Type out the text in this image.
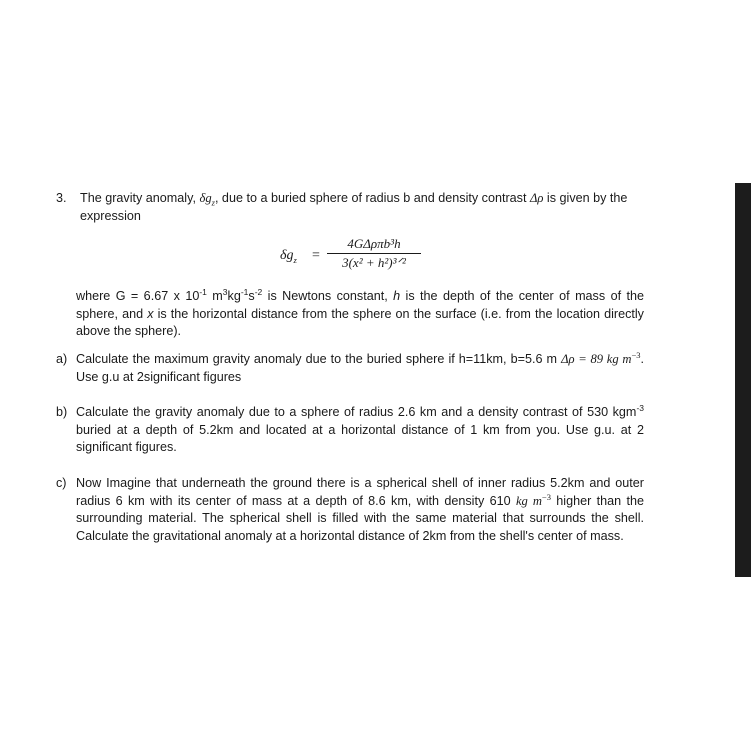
3. The gravity anomaly, $\delta g_z$, due to a buried sphere of radius b and density contrast Δρ is given by the expression
$\delta g_z$ =
4GΔρπb³h
3(x² + h²)³ᐟ²
where G = 6.67 x $10^{-1}$ $m^3kg^{-1}s^{-2}$ is Newtons constant, h is the depth of the center of mass of the sphere, and x is the horizontal distance from the sphere on the surface (i.e. from the location directly above the sphere).
a) Calculate the maximum gravity anomaly due to the buried sphere if h=11km, b=5.6 m Δρ = 89 kg $m^{-3}$. Use g.u at 2significant figures
b) Calculate the gravity anomaly due to a sphere of radius 2.6 km and a density contrast of 530 kgm$^{-3}$ buried at a depth of 5.2km and located at a horizontal distance of 1 km from you. Use g.u. at 2 significant figures.
c) Now Imagine that underneath the ground there is a spherical shell of inner radius 5.2km and outer radius 6 km with its center of mass at a depth of 8.6 km, with density 610 kg $m^{-3}$ higher than the surrounding material. The spherical shell is filled with the same material that surrounds the shell. Calculate the gravitational anomaly at a horizontal distance of 2km from the shell's center of mass.
